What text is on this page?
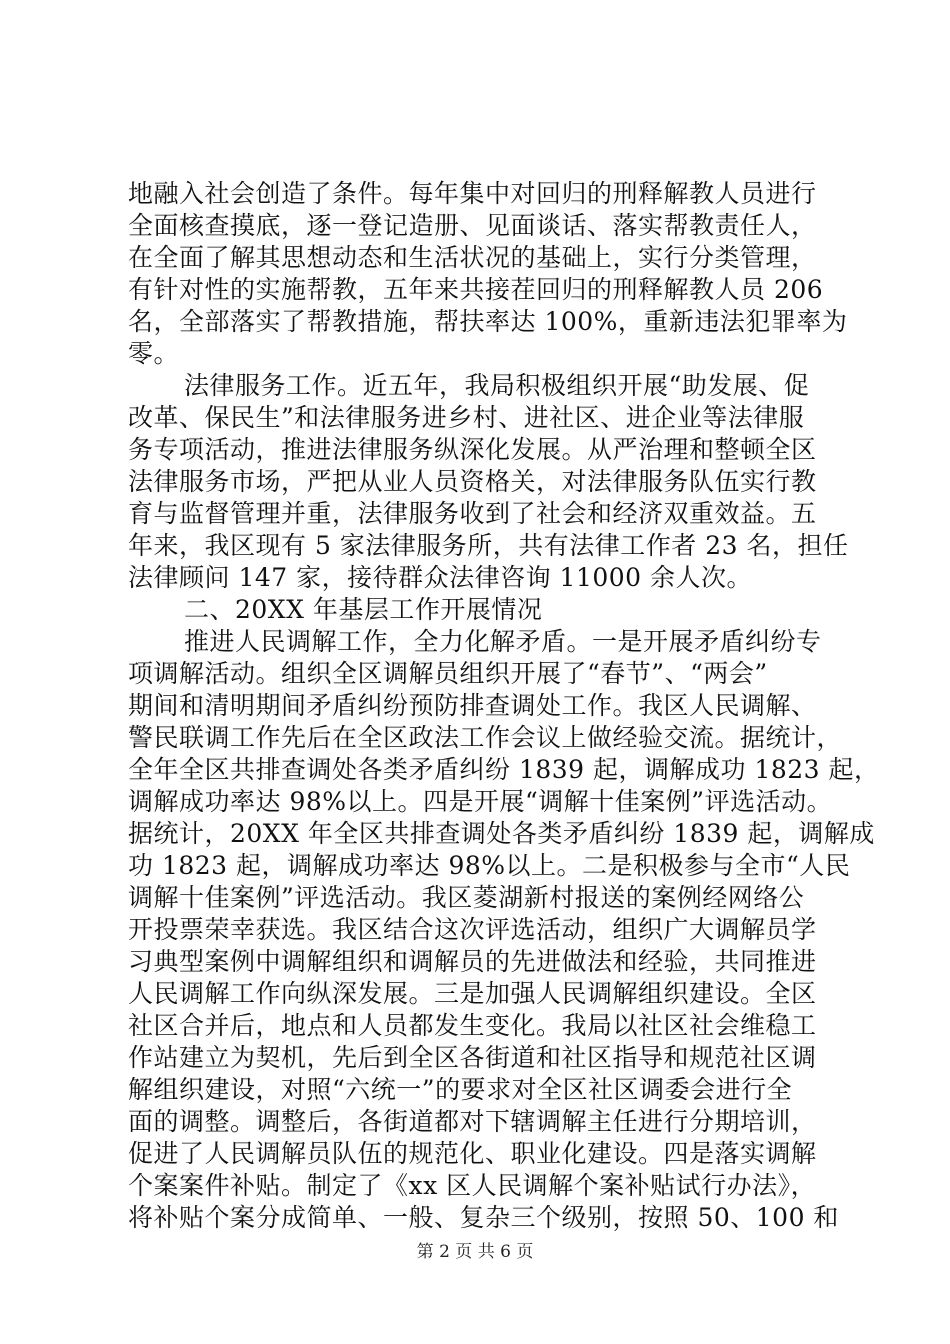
地融入社会创造了条件。每年集中对回归的刑释解教人员进行
全面核查摸底，逐一登记造册、见面谈话、落实帮教责任人，
在全面了解其思想动态和生活状况的基础上，实行分类管理，
有针对性的实施帮教，五年来共接茬回归的刑释解教人员 206
名，全部落实了帮教措施，帮扶率达 100%，重新违法犯罪率为
零。
法律服务工作。近五年，我局积极组织开展“助发展、促
改革、保民生”和法律服务进乡村、进社区、进企业等法律服
务专项活动，推进法律服务纵深化发展。从严治理和整顿全区
法律服务市场，严把从业人员资格关，对法律服务队伍实行教
育与监督管理并重，法律服务收到了社会和经济双重效益。五
年来，我区现有 5 家法律服务所，共有法律工作者 23 名，担任
法律顾问 147 家，接待群众法律咨询 11000 余人次。
二、20XX 年基层工作开展情况
推进人民调解工作，全力化解矛盾。一是开展矛盾纠纷专
项调解活动。组织全区调解员组织开展了“春节”、“两会”
期间和清明期间矛盾纠纷预防排查调处工作。我区人民调解、
警民联调工作先后在全区政法工作会议上做经验交流。据统计，
全年全区共排查调处各类矛盾纠纷 1839 起，调解成功 1823 起，
调解成功率达 98%以上。四是开展“调解十佳案例”评选活动。
据统计，20XX 年全区共排查调处各类矛盾纠纷 1839 起，调解成
功 1823 起，调解成功率达 98%以上。二是积极参与全市“人民
调解十佳案例”评选活动。我区菱湖新村报送的案例经网络公
开投票荣幸获选。我区结合这次评选活动，组织广大调解员学
习典型案例中调解组织和调解员的先进做法和经验，共同推进
人民调解工作向纵深发展。三是加强人民调解组织建设。全区
社区合并后，地点和人员都发生变化。我局以社区社会维稳工
作站建立为契机，先后到全区各街道和社区指导和规范社区调
解组织建设，对照“六统一”的要求对全区社区调委会进行全
面的调整。调整后，各街道都对下辖调解主任进行分期培训，
促进了人民调解员队伍的规范化、职业化建设。四是落实调解
个案案件补贴。制定了《xx 区人民调解个案补贴试行办法》，
将补贴个案分成简单、一般、复杂三个级别，按照 50、100 和
第 2 页 共 6 页
